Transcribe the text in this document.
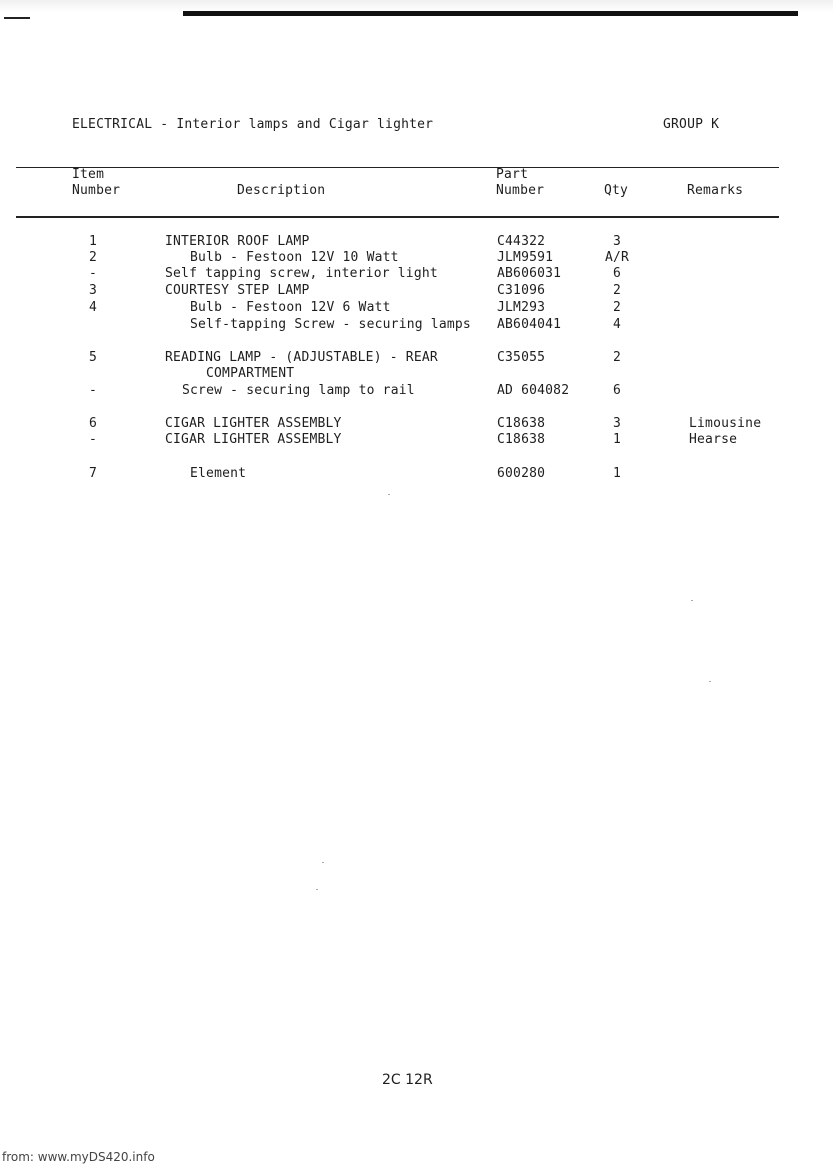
ELECTRICAL - Interior lamps and Cigar lighter	GROUP K
Item
Number	Description
Part
Number	Qty	Remarks
1	INTERIOR ROOF LAMP	C44322	3
2	Bulb - Festoon 12V 10 Watt	JLM9591	A/R
-	Self tapping screw, interior light	AB606031	6
3	COURTESY STEP LAMP	C31096	2
4	Bulb - Festoon 12V 6 Watt	JLM293	2
Self-tapping Screw - securing lamps AB604041	4
5	READING LAMP - (ADJUSTABLE) - REAR	C35055	2
COMPARTMENT
-	Screw - securing lamp to rail	AD 604082	6
6	CIGAR LIGHTER ASSEMBLY	C18638	3	Limousine
-	CIGAR LIGHTER ASSEMBLY	C18638	1	Hearse
7	Element	600280	1
2C 12R
from: www.myDS420.info
